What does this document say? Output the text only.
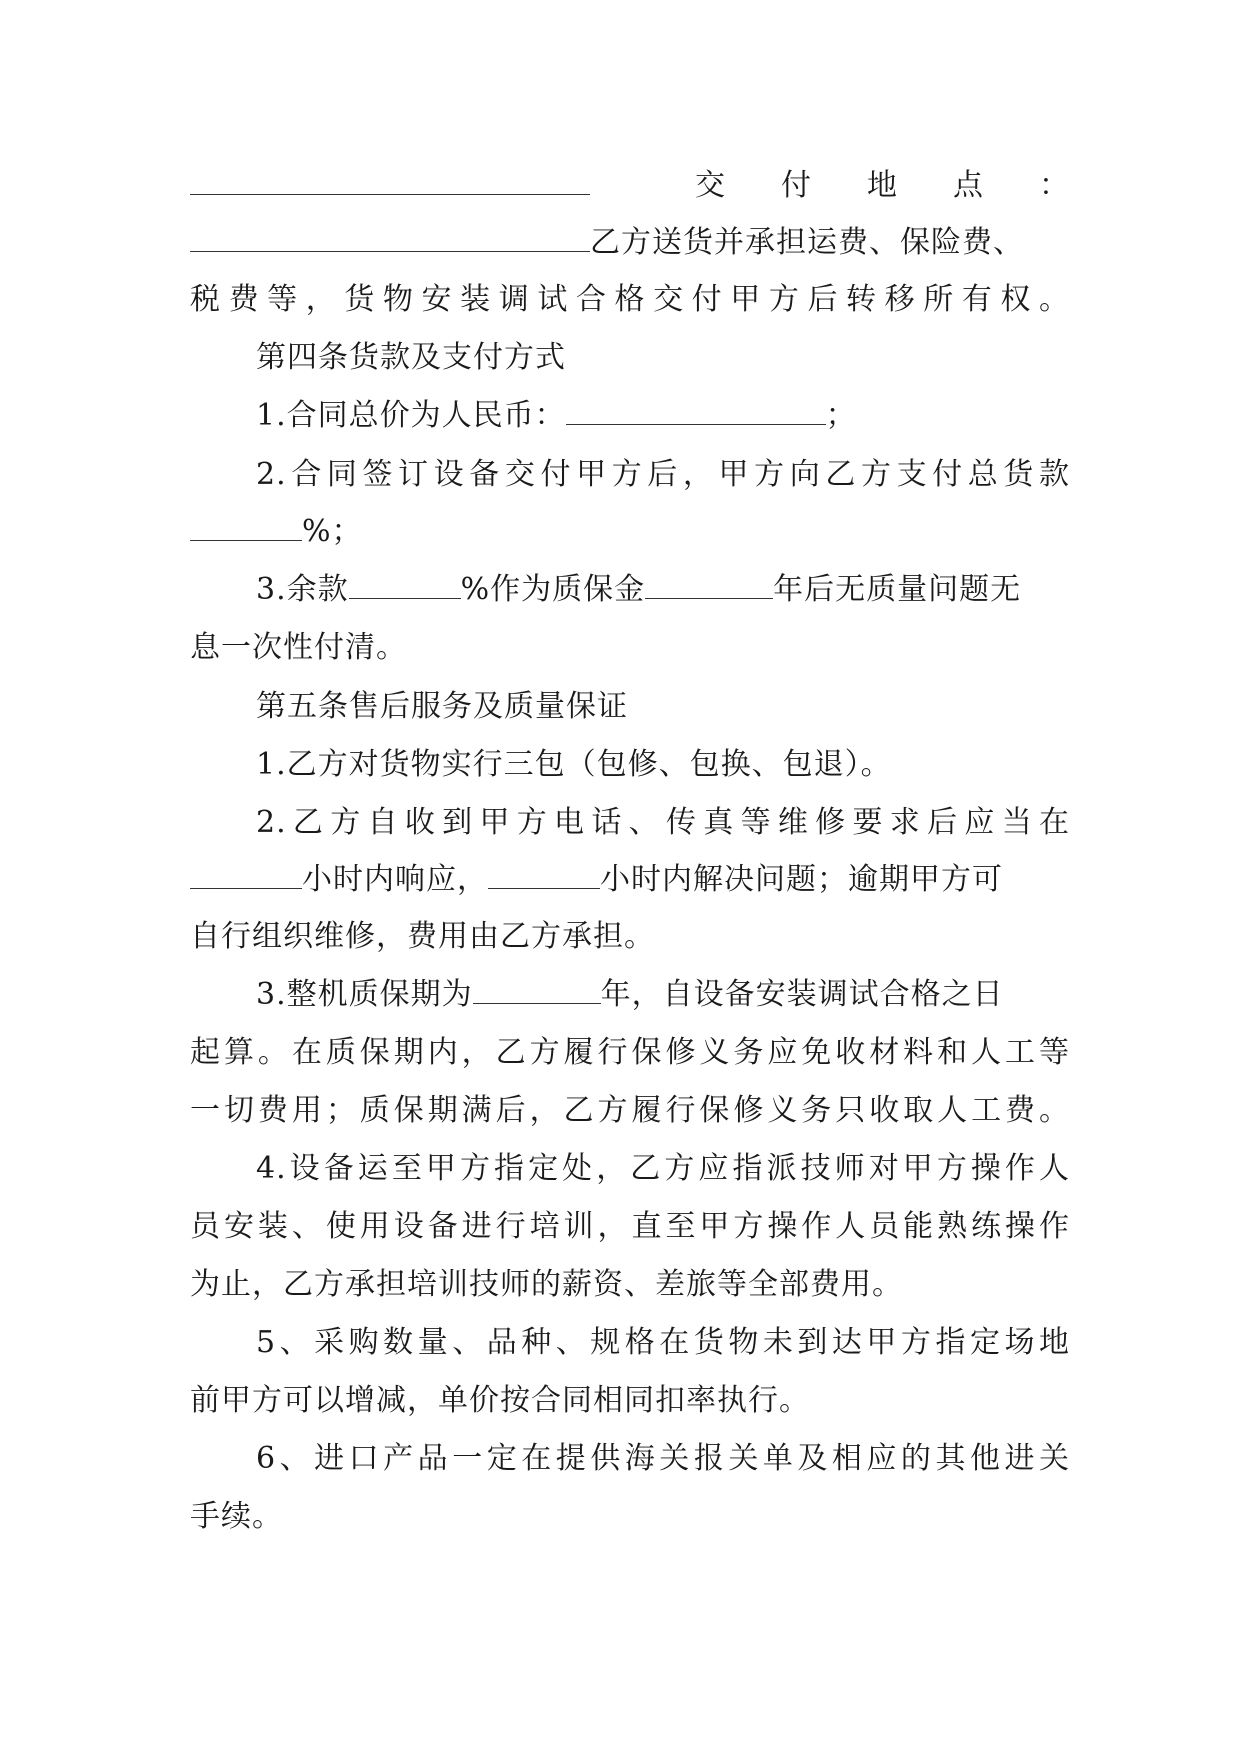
交 付 地 点 ：
乙方送货并承担运费、保险费、
税费等，货物安装调试合格交付甲方后转移所有权。
第四条货款及支付方式
1.合同总价为人民币：	；
2.合同签订设备交付甲方后，甲方向乙方支付总货款
%；
3.余款	%作为质保金	年后无质量问题无
息一次性付清。
第五条售后服务及质量保证
1.乙方对货物实行三包（包修、包换、包退）。
2.乙方自收到甲方电话、传真等维修要求后应当在
小时内响应，	小时内解决问题；逾期甲方可
自行组织维修，费用由乙方承担。
3.整机质保期为	年，自设备安装调试合格之日
起算。在质保期内，乙方履行保修义务应免收材料和人工等
一切费用；质保期满后，乙方履行保修义务只收取人工费。
4.设备运至甲方指定处，乙方应指派技师对甲方操作人
员安装、使用设备进行培训，直至甲方操作人员能熟练操作
为止，乙方承担培训技师的薪资、差旅等全部费用。
5、采购数量、品种、规格在货物未到达甲方指定场地
前甲方可以增减，单价按合同相同扣率执行。
6、进口产品一定在提供海关报关单及相应的其他进关
手续。
